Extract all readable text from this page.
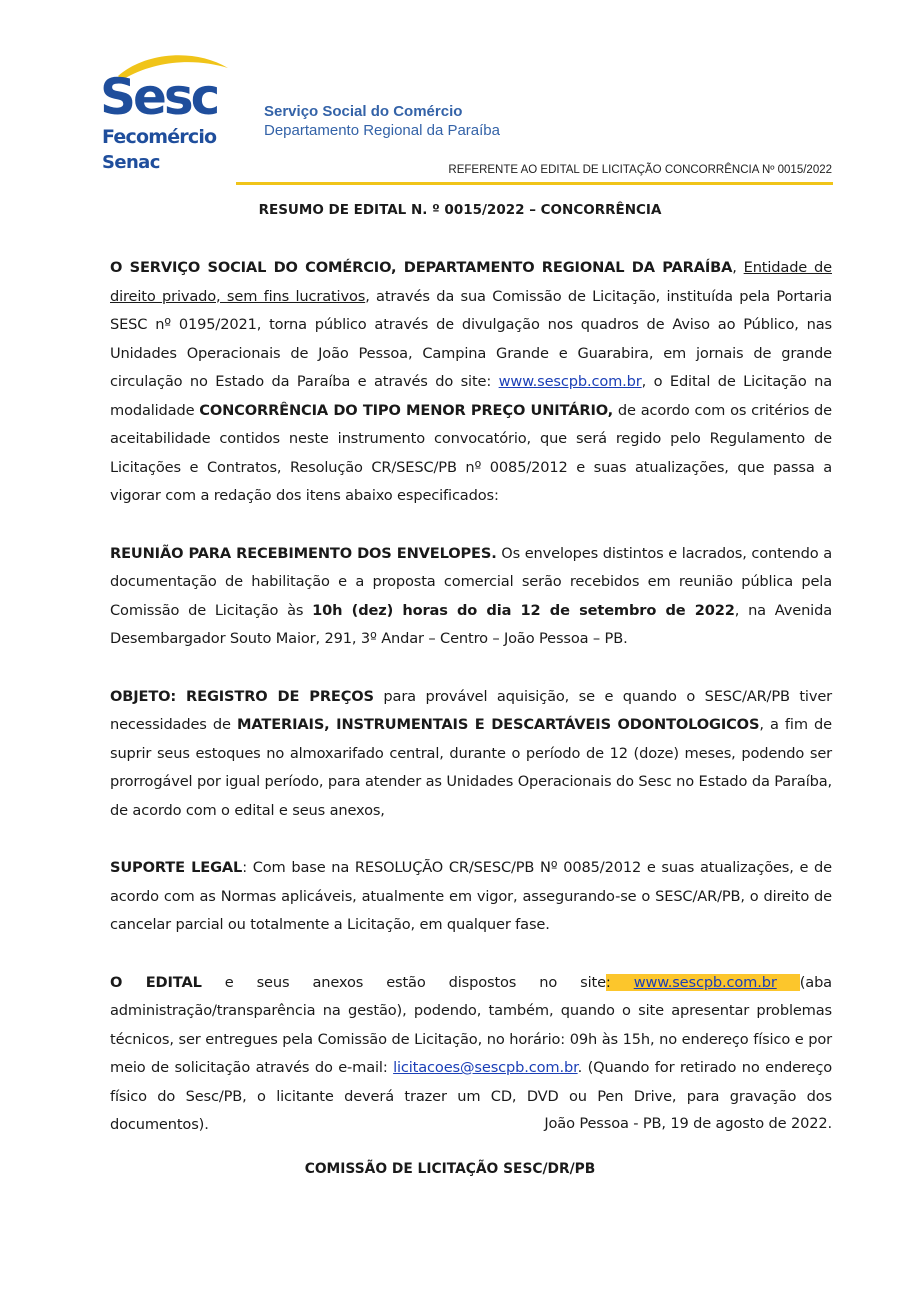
Sesc
Fecomércio
Senac
Serviço Social do Comércio
Departamento Regional da Paraíba
REFERENTE AO EDITAL DE LICITAÇÃO CONCORRÊNCIA Nº 0015/2022
RESUMO DE EDITAL N. º 0015/2022 – CONCORRÊNCIA

O SERVIÇO SOCIAL DO COMÉRCIO, DEPARTAMENTO REGIONAL DA PARAÍBA, Entidade de direito privado, sem fins lucrativos, através da sua Comissão de Licitação, instituída pela Portaria SESC nº 0195/2021, torna público através de divulgação nos quadros de Aviso ao Público, nas Unidades Operacionais de João Pessoa, Campina Grande e Guarabira, em jornais de grande circulação no Estado da Paraíba e através do site: www.sescpb.com.br, o Edital de Licitação na modalidade CONCORRÊNCIA DO TIPO MENOR PREÇO UNITÁRIO, de acordo com os critérios de aceitabilidade contidos neste instrumento convocatório, que será regido pelo Regulamento de Licitações e Contratos, Resolução CR/SESC/PB nº 0085/2012 e suas atualizações, que passa a vigorar com a redação dos itens abaixo especificados:

REUNIÃO PARA RECEBIMENTO DOS ENVELOPES. Os envelopes distintos e lacrados, contendo a documentação de habilitação e a proposta comercial serão recebidos em reunião pública pela Comissão de Licitação às 10h (dez) horas do dia 12 de setembro de 2022, na Avenida Desembargador Souto Maior, 291, 3º Andar – Centro – João Pessoa – PB.

OBJETO: REGISTRO DE PREÇOS para provável aquisição, se e quando o SESC/AR/PB tiver necessidades de MATERIAIS, INSTRUMENTAIS E DESCARTÁVEIS ODONTOLOGICOS, a fim de suprir seus estoques no almoxarifado central, durante o período de 12 (doze) meses, podendo ser prorrogável por igual período, para atender as Unidades Operacionais do Sesc no Estado da Paraíba, de acordo com o edital e seus anexos,

SUPORTE LEGAL: Com base na RESOLUÇÃO CR/SESC/PB Nº 0085/2012 e suas atualizações, e de acordo com as Normas aplicáveis, atualmente em vigor, assegurando-se o SESC/AR/PB, o direito de cancelar parcial ou totalmente a Licitação, em qualquer fase.

O EDITAL e seus anexos estão dispostos no site: www.sescpb.com.br (aba administração/transparência na gestão), podendo, também, quando o site apresentar problemas técnicos, ser entregues pela Comissão de Licitação, no horário: 09h às 15h, no endereço físico e por meio de solicitação através do e-mail: licitacoes@sescpb.com.br. (Quando for retirado no endereço físico do Sesc/PB, o licitante deverá trazer um CD, DVD ou Pen Drive, para gravação dos documentos).	João Pessoa - PB, 19 de agosto de 2022.
COMISSÃO DE LICITAÇÃO SESC/DR/PB
